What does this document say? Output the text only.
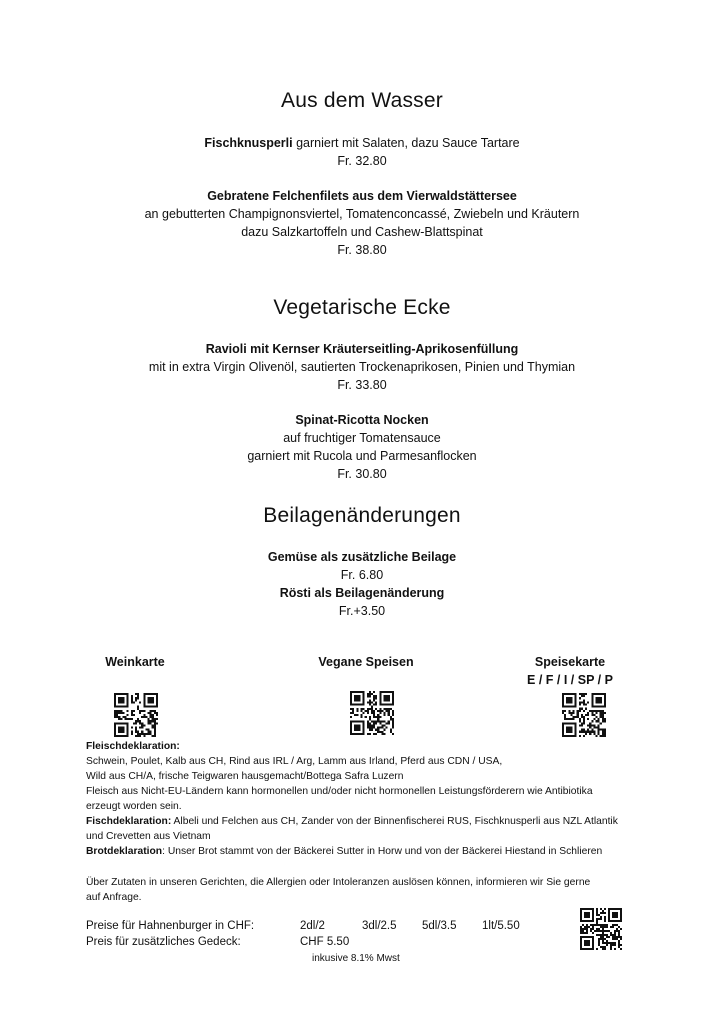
Aus dem Wasser
Fischknusperli garniert mit Salaten, dazu Sauce Tartare
Fr. 32.80
Gebratene Felchenfilets aus dem Vierwaldstättersee
an gebutterten Champignonsviertel, Tomatenconcassé, Zwiebeln und Kräutern
dazu Salzkartoffeln und Cashew-Blattspinat
Fr. 38.80
Vegetarische Ecke
Ravioli mit Kernser Kräuterseitling-Aprikosenfüllung
mit in extra Virgin Olivenöl, sautierten Trockenaprikosen, Pinien und Thymian
Fr. 33.80
Spinat-Ricotta Nocken
auf fruchtiger Tomatensauce
garniert mit Rucola und Parmesanflocken
Fr. 30.80
Beilagenänderungen
Gemüse als zusätzliche Beilage
Fr. 6.80
Rösti als Beilagenänderung
Fr.+3.50
Weinkarte	Vegane Speisen	Speisekarte
E / F / I / SP / P
Fleischdeklaration:
Schwein, Poulet, Kalb aus CH, Rind aus IRL / Arg, Lamm aus Irland, Pferd aus CDN / USA,
Wild aus CH/A, frische Teigwaren hausgemacht/Bottega Safra Luzern
Fleisch aus Nicht-EU-Ländern kann hormonellen und/oder nicht hormonellen Leistungsförderern wie Antibiotika
erzeugt worden sein.
Fischdeklaration: Albeli und Felchen aus CH, Zander von der Binnenfischerei RUS, Fischknusperli aus NZL Atlantik
und Crevetten aus Vietnam
Brotdeklaration: Unser Brot stammt von der Bäckerei Sutter in Horw und von der Bäckerei Hiestand in Schlieren
Über Zutaten in unseren Gerichten, die Allergien oder Intoleranzen auslösen können, informieren wir Sie gerne
auf Anfrage.
Preise für Hahnenburger in CHF:	2dl/2	3dl/2.5 5dl/3.5 1lt/5.50
Preis für zusätzliches Gedeck:	CHF 5.50
inkusive 8.1% Mwst
